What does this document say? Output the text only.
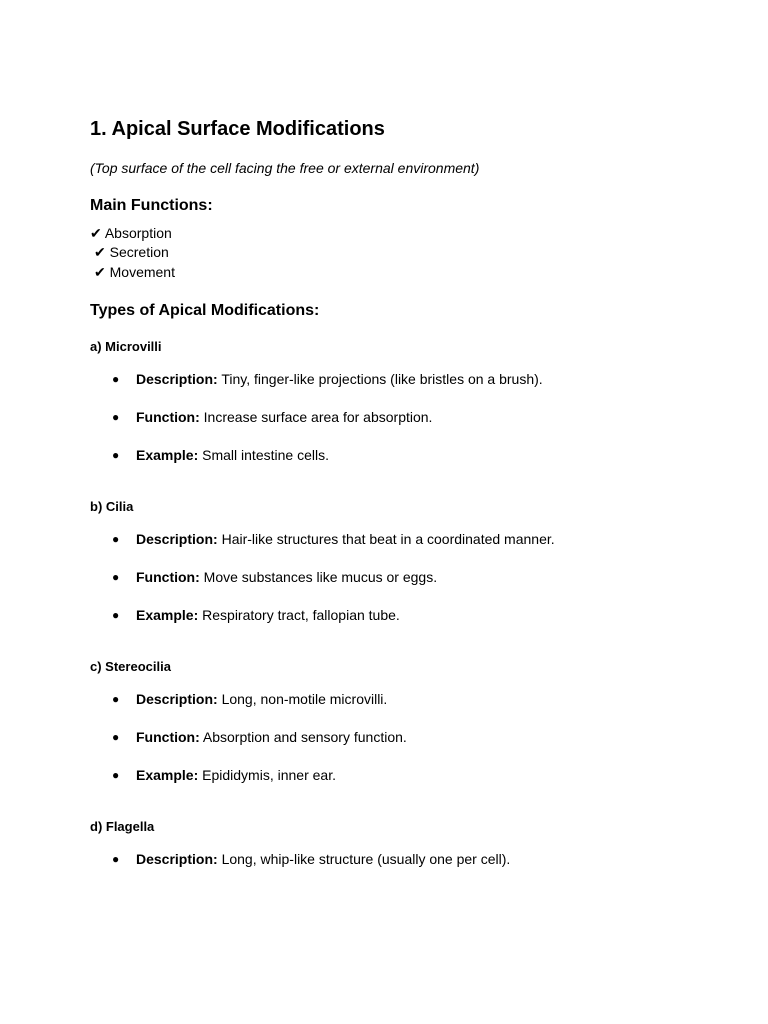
1. Apical Surface Modifications
(Top surface of the cell facing the free or external environment)
Main Functions:
✔ Absorption
✔ Secretion
✔ Movement
Types of Apical Modifications:
a) Microvilli
● Description: Tiny, finger-like projections (like bristles on a brush).
● Function: Increase surface area for absorption.
● Example: Small intestine cells.
b) Cilia
● Description: Hair-like structures that beat in a coordinated manner.
● Function: Move substances like mucus or eggs.
● Example: Respiratory tract, fallopian tube.
c) Stereocilia
● Description: Long, non-motile microvilli.
● Function: Absorption and sensory function.
● Example: Epididymis, inner ear.
d) Flagella
● Description: Long, whip-like structure (usually one per cell).
